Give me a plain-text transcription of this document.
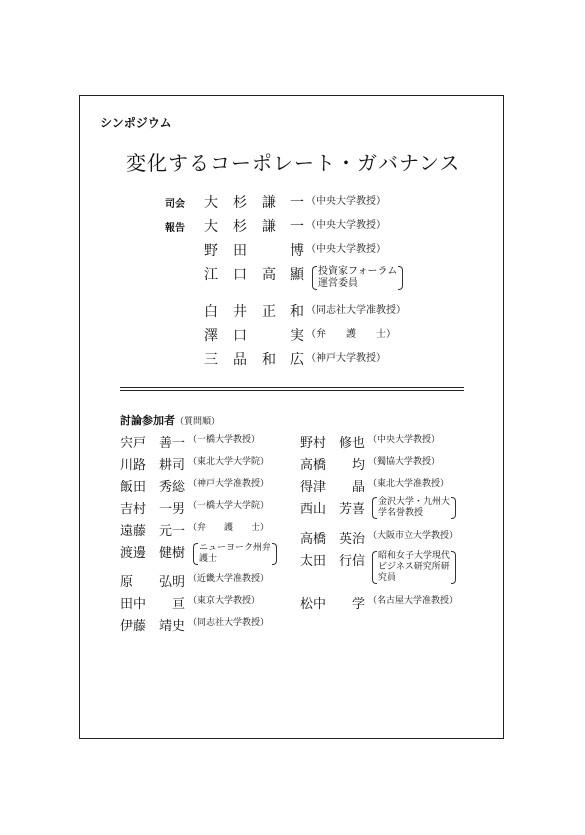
シンポジウム
変化するコーポレート・ガバナンス
司会
報告
大 杉 謙 一 （中央大学教授）
大 杉 謙 一 （中央大学教授）
野 田	博 （中央大学教授）
江 口 高 顯 投資家フォーラム
運営委員
白 井 正 和 （同志社大学准教授）
澤 口	実 （弁　　護　　士）
三 品 和 広 （神戸大学教授）
討論参加者（質問順）
宍戸 善一 （一橋大学教授）
川路 耕司 （東北大学大学院）
飯田 秀総 （神戸大学准教授）
吉村 一男 （一橋大学大学院）
遠藤 元一 （弁　　護　　士）
渡邊 健樹 ニューヨーク州弁
護士
原 弘明 （近畿大学准教授）
田中 亘 （東京大学教授）
伊藤 靖史 （同志社大学教授）
野村 修也 （中央大学教授）
高橋 均 （獨協大学教授）
得津 晶 （東北大学准教授）
西山 芳喜 金沢大学・九州大
学名誉教授
高橋 英治 （大阪市立大学教授）
太田 行信 昭和女子大学現代
ビジネス研究所研
究員
松中 学 （名古屋大学准教授）
